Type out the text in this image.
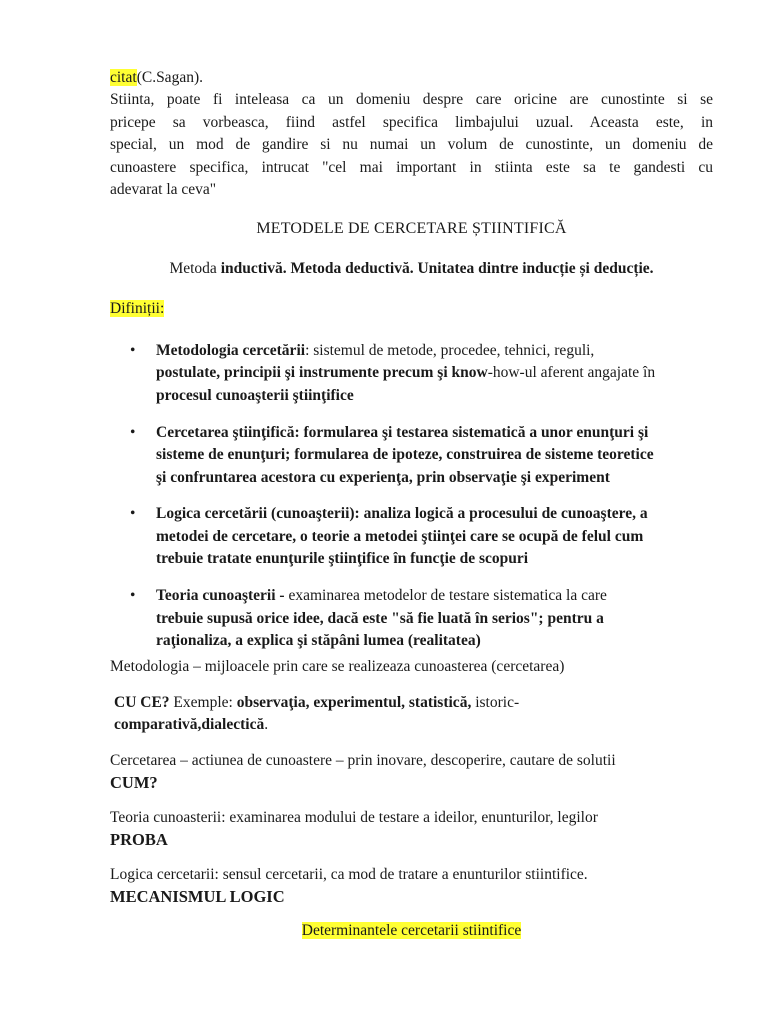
citat(C.Sagan).

Stiinta, poate fi inteleasa ca un domeniu despre care oricine are cunostinte si se

pricepe sa vorbeasca, fiind astfel specifica limbajului uzual. Aceasta este, in

special, un mod de gandire si nu numai un volum de cunostinte, un domeniu de

cunoastere specifica, intrucat "cel mai important in stiinta este sa te gandesti cu

adevarat la ceva"

METODELE DE CERCETARE ȘTIINTIFICĂ
Metoda inductivă. Metoda deductivă. Unitatea dintre inducție și deducție.
Difiniții:
• Metodologia cercetării: sistemul de metode, procedee, tehnici, reguli,
postulate, principii şi instrumente precum şi know-how-ul aferent angajate în
procesul cunoaşterii ştiinţifice
• Cercetarea ştiinţifică: formularea şi testarea sistematică a unor enunţuri şi
sisteme de enunţuri; formularea de ipoteze, construirea de sisteme teoretice
şi confruntarea acestora cu experienţa, prin observaţie şi experiment
• Logica cercetării (cunoaşterii): analiza logică a procesului de cunoaştere, a
metodei de cercetare, o teorie a metodei ştiinţei care se ocupă de felul cum
trebuie tratate enunţurile ştiinţifice în funcţie de scopuri
• Teoria cunoaşterii - examinarea metodelor de testare sistematica la care
trebuie supusă orice idee, dacă este "să fie luată în serios"; pentru a
raţionaliza, a explica şi stăpâni lumea (realitatea)
Metodologia – mijloacele prin care se realizeaza cunoasterea (cercetarea)
CU CE? Exemple: observaţia, experimentul, statistică, istoric-
comparativă,dialectică.
Cercetarea – actiunea de cunoastere – prin inovare, descoperire, cautare de solutii
CUM?
Teoria cunoasterii: examinarea modului de testare a ideilor, enunturilor, legilor
PROBA
Logica cercetarii: sensul cercetarii, ca mod de tratare a enunturilor stiintifice.
MECANISMUL LOGIC
Determinantele cercetarii stiintifice
